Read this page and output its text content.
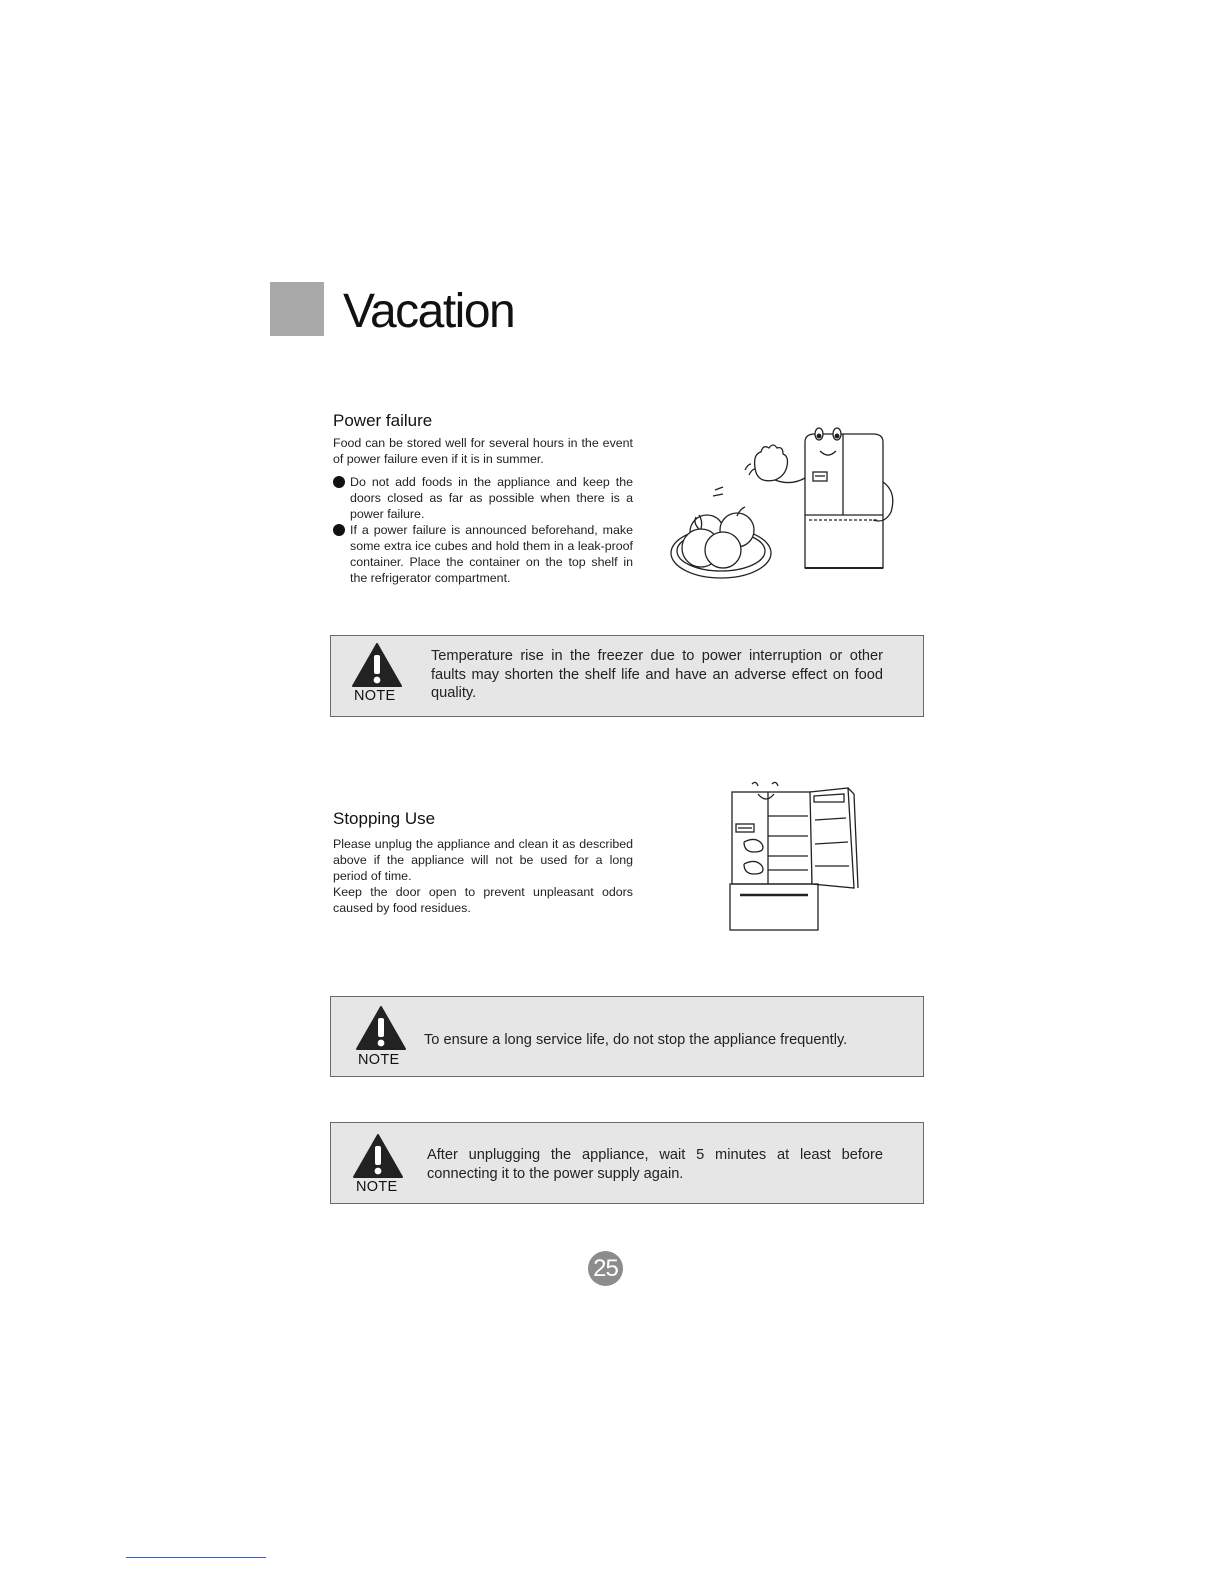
Vacation
Power failure

Food can be stored well for several hours in the event of power failure even if it is in summer.

Do not add foods in the appliance and keep the doors closed as far as possible when there is a power failure.
If a power failure is announced beforehand, make some extra ice cubes and hold them in a leak-proof container. Place the container on the top shelf in the refrigerator compartment.
NOTE

Temperature rise in the freezer due to power interruption or other faults may shorten the shelf life and have an adverse effect on food quality.

Stopping Use

Please unplug the appliance and clean it as described above if the appliance will not be used for a long period of time.

Keep the door open to prevent unpleasant odors caused by food residues.

NOTE

To ensure a long service life, do not stop the appliance frequently.

NOTE

After unplugging the appliance, wait 5 minutes at least before connecting it to the power supply again.

25
